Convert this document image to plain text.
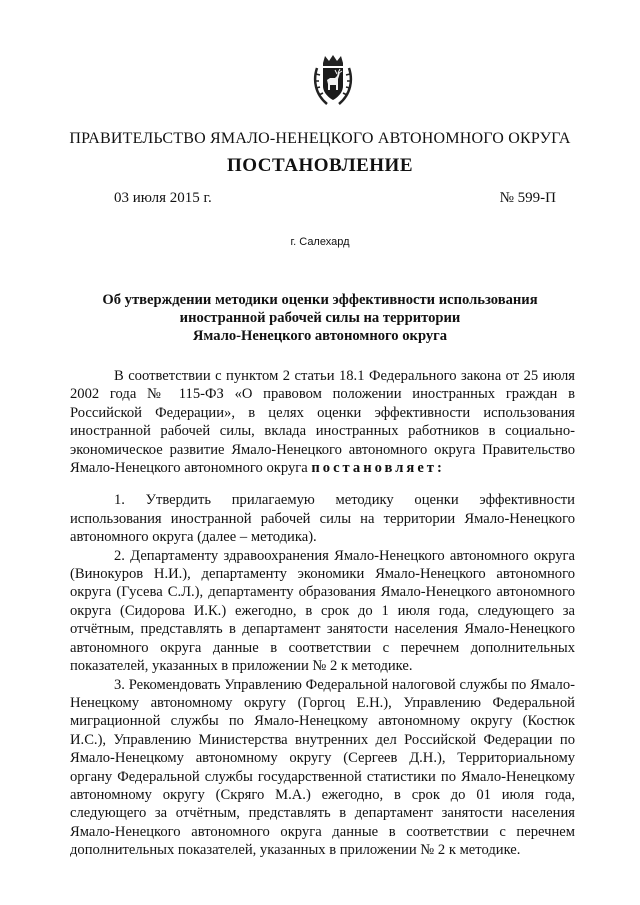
ПРАВИТЕЛЬСТВО ЯМАЛО-НЕНЕЦКОГО АВТОНОМНОГО ОКРУГА
ПОСТАНОВЛЕНИЕ
03 июля 2015 г.	№ 599-П
г. Салехард
Об утверждении методики оценки эффективности использования
иностранной рабочей силы на территории
Ямало-Ненецкого автономного округа

В соответствии с пунктом 2 статьи 18.1 Федерального закона от 25 июля 2002 года № 115-ФЗ «О правовом положении иностранных граждан в Российской Федерации», в целях оценки эффективности использования иностранной рабочей силы, вклада иностранных работников в социально-экономическое развитие Ямало-Ненецкого автономного округа Правительство Ямало-Ненецкого автономного округа постановляет:

1. Утвердить прилагаемую методику оценки эффективности использования иностранной рабочей силы на территории Ямало-Ненецкого автономного округа (далее – методика).

2. Департаменту здравоохранения Ямало-Ненецкого автономного округа (Винокуров Н.И.), департаменту экономики Ямало-Ненецкого автономного округа (Гусева С.Л.), департаменту образования Ямало-Ненецкого автономного округа (Сидорова И.К.) ежегодно, в срок до 1 июля года, следующего за отчётным, представлять в департамент занятости населения Ямало-Ненецкого автономного округа данные в соответствии с перечнем дополнительных показателей, указанных в приложении № 2 к методике.

3. Рекомендовать Управлению Федеральной налоговой службы по Ямало-Ненецкому автономному округу (Горгоц Е.Н.), Управлению Федеральной миграционной службы по Ямало-Ненецкому автономному округу (Костюк И.С.), Управлению Министерства внутренних дел Российской Федерации по Ямало-Ненецкому автономному округу (Сергеев Д.Н.), Территориальному органу Федеральной службы государственной статистики по Ямало-Ненецкому автономному округу (Скряго М.А.) ежегодно, в срок до 01 июля года, следующего за отчётным, представлять в департамент занятости населения Ямало-Ненецкого автономного округа данные в соответствии с перечнем дополнительных показателей, указанных в приложении № 2 к методике.
